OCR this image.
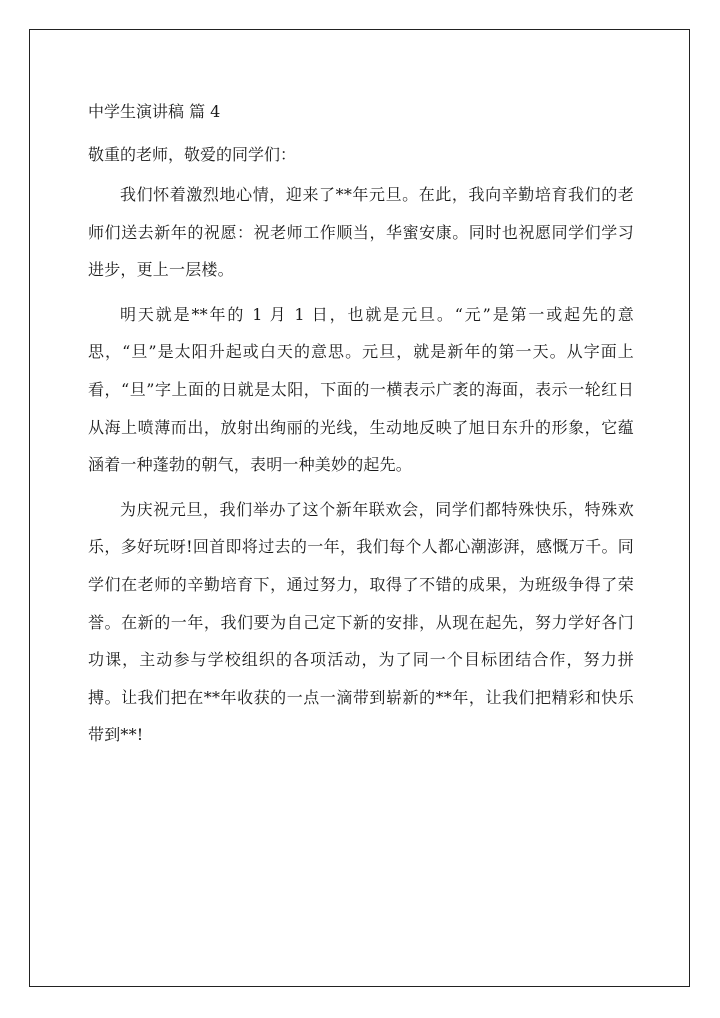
中学生演讲稿 篇 4
敬重的老师，敬爱的同学们：

我们怀着激烈地心情，迎来了**年元旦。在此，我向辛勤培育我们的老师们送去新年的祝愿：祝老师工作顺当，华蜜安康。同时也祝愿同学们学习进步，更上一层楼。

明天就是**年的 1 月 1 日，也就是元旦。“元”是第一或起先的意思，“旦”是太阳升起或白天的意思。元旦，就是新年的第一天。从字面上看，“旦”字上面的日就是太阳，下面的一横表示广袤的海面，表示一轮红日从海上喷薄而出，放射出绚丽的光线，生动地反映了旭日东升的形象，它蕴涵着一种蓬勃的朝气，表明一种美妙的起先。

为庆祝元旦，我们举办了这个新年联欢会，同学们都特殊快乐，特殊欢乐，多好玩呀!回首即将过去的一年，我们每个人都心潮澎湃，感慨万千。同学们在老师的辛勤培育下，通过努力，取得了不错的成果，为班级争得了荣誉。在新的一年，我们要为自己定下新的安排，从现在起先，努力学好各门功课，主动参与学校组织的各项活动，为了同一个目标团结合作，努力拼搏。让我们把在**年收获的一点一滴带到崭新的**年，让我们把精彩和快乐带到**!
